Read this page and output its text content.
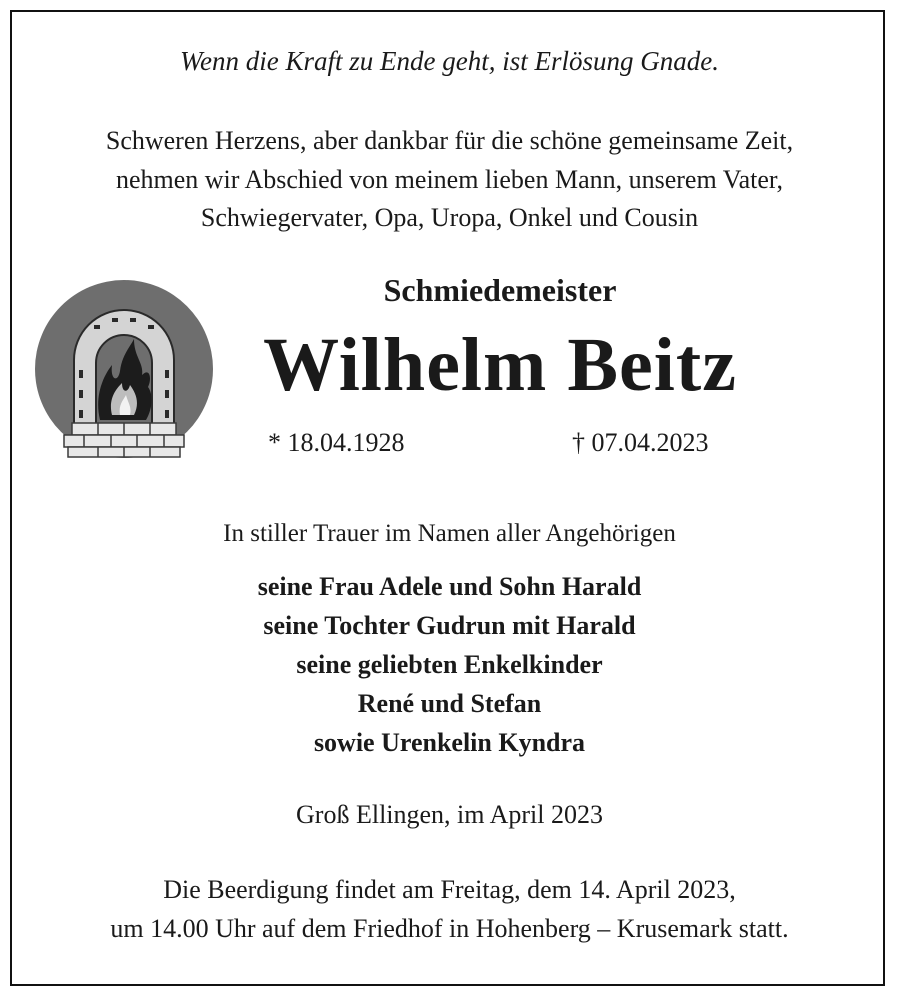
Wenn die Kraft zu Ende geht, ist Erlösung Gnade.
Schweren Herzens, aber dankbar für die schöne gemeinsame Zeit,
nehmen wir Abschied von meinem lieben Mann, unserem Vater,
Schwiegervater, Opa, Uropa, Onkel und Cousin
Schmiedemeister
Wilhelm Beitz
* 18.04.1928	† 07.04.2023
In stiller Trauer im Namen aller Angehörigen
seine Frau Adele und Sohn Harald
seine Tochter Gudrun mit Harald
seine geliebten Enkelkinder
René und Stefan
sowie Urenkelin Kyndra
Groß Ellingen, im April 2023
Die Beerdigung findet am Freitag, dem 14. April 2023,
um 14.00 Uhr auf dem Friedhof in Hohenberg – Krusemark statt.
